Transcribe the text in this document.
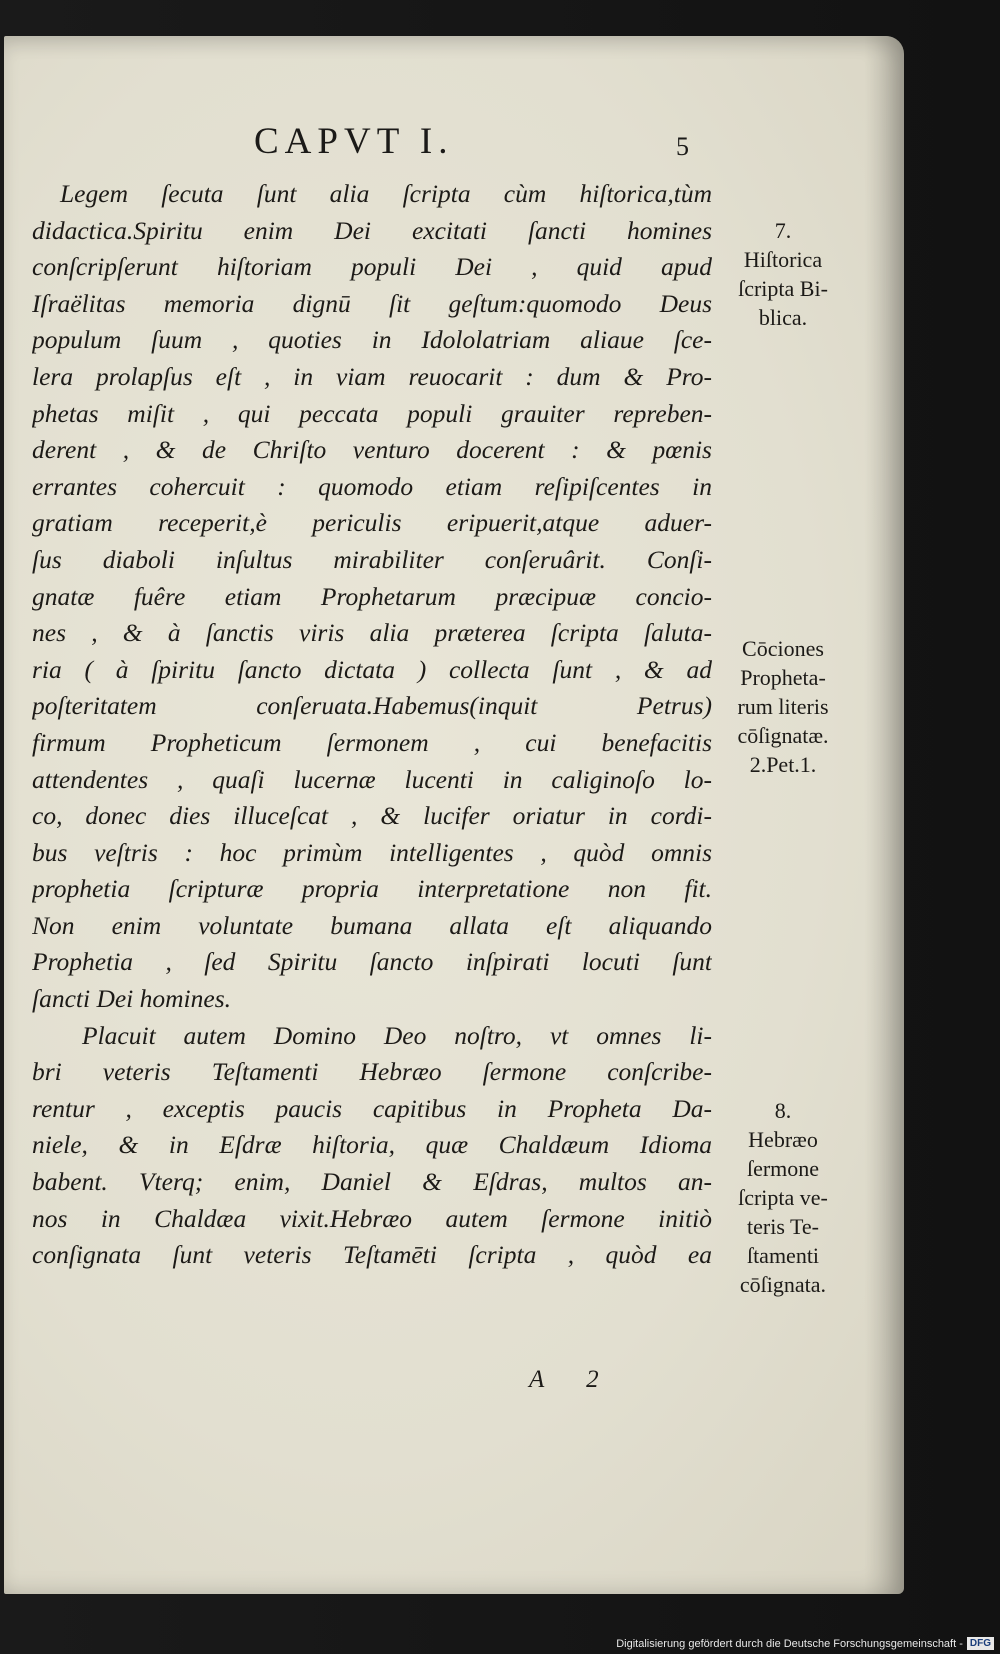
CAPVT I.	5
Legem ſecuta ſunt alia ſcripta cùm hiſtorica,tùm
didactica.Spiritu enim Dei excitati ſancti homines
conſcripſerunt hiſtoriam populi Dei , quid apud
Iſraëlitas memoria dignū ſit geſtum:quomodo Deus
populum ſuum , quoties in Idololatriam aliaue ſce-
lera prolapſus eſt , in viam reuocarit : dum & Pro-
phetas miſit , qui peccata populi grauiter repreben-
derent , & de Chriſto venturo docerent : & pœnis
errantes cohercuit : quomodo etiam reſipiſcentes in
gratiam receperit,è periculis eripuerit,atque aduer-
ſus diaboli inſultus mirabiliter conſeruârit. Conſi-
gnatæ fuêre etiam Prophetarum præcipuæ concio-
nes , & à ſanctis viris alia præterea ſcripta ſaluta-
ria ( à ſpiritu ſancto dictata ) collecta ſunt , & ad
poſteritatem conſeruata.Habemus(inquit Petrus)
firmum Propheticum ſermonem , cui benefacitis
attendentes , quaſi lucernæ lucenti in caliginoſo lo-
co, donec dies illuceſcat , & lucifer oriatur in cordi-
bus veſtris : hoc primùm intelligentes , quòd omnis
prophetia ſcripturæ propria interpretatione non fit.
Non enim voluntate bumana allata eſt aliquando
Prophetia , ſed Spiritu ſancto inſpirati locuti ſunt
ſancti Dei homines.
Placuit autem Domino Deo noſtro, vt omnes li-
bri veteris Teſtamenti Hebræo ſermone conſcribe-
rentur , exceptis paucis capitibus in Propheta Da-
niele, & in Eſdræ hiſtoria, quæ Chaldæum Idioma
babent. Vterq; enim, Daniel & Eſdras, multos an-
nos in Chaldæa vixit.Hebræo autem ſermone initiò
conſignata ſunt veteris Teſtamēti ſcripta , quòd ea
7.
Hiſtorica
ſcripta Bi-
blica.
Cōciones
Propheta-
rum literis
cōſignatæ.
2.Pet.1.
8.
Hebræo
ſermone
ſcripta ve-
teris Te-
ſtamenti
cōſignata.
A 2
Digitalisierung gefördert durch die Deutsche Forschungsgemeinschaft - DFG
